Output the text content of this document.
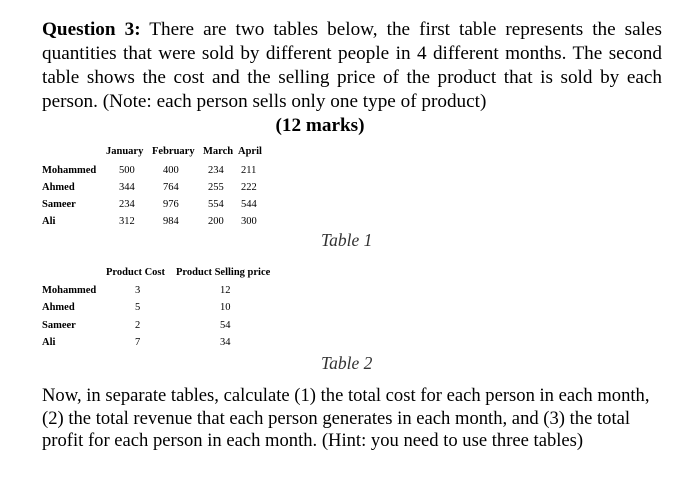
Question 3: There are two tables below, the first table represents the sales quantities that were sold by different people in 4 different months. The second table shows the cost and the selling price of the product that is sold by each person. (Note: each person sells only one type of product)
(12 marks)
January February March April
Mohammed 500	400	234 211
Ahmed	344	764	255 222
Sameer	234	976	554 544
Ali	312	984	200 300
Table 1
Product Cost Product Selling price
Mohammed	3	12
Ahmed	5	10
Sameer	2	54
Ali	7	34
Table 2
Now, in separate tables, calculate (1) the total cost for each person in each month, (2) the total revenue that each person generates in each month, and (3) the total profit for each person in each month. (Hint: you need to use three tables)
